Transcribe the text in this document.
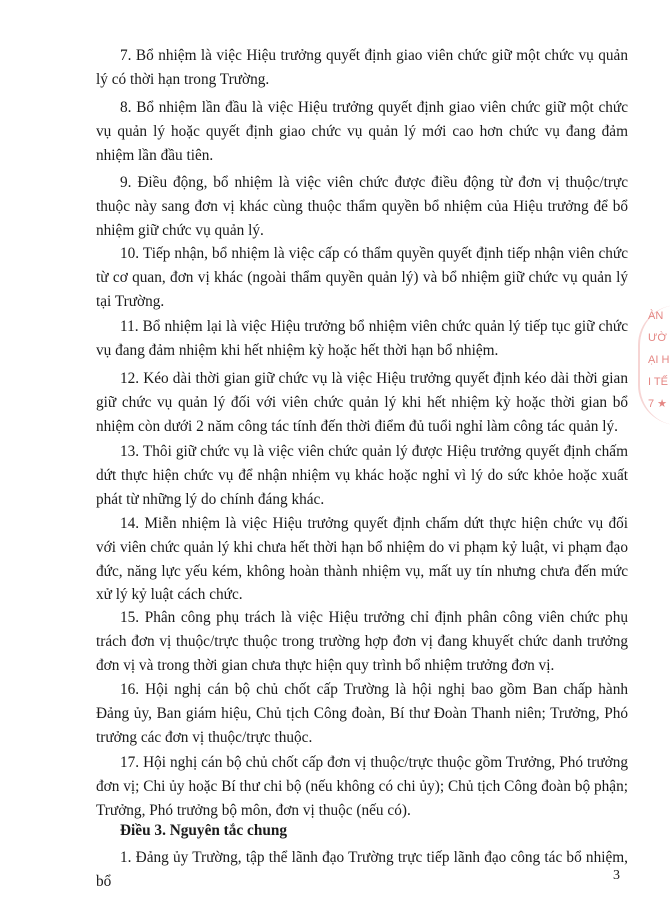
7. Bổ nhiệm là việc Hiệu trưởng quyết định giao viên chức giữ một chức vụ quản lý có thời hạn trong Trường.

8. Bổ nhiệm lần đầu là việc Hiệu trưởng quyết định giao viên chức giữ một chức vụ quản lý hoặc quyết định giao chức vụ quản lý mới cao hơn chức vụ đang đảm nhiệm lần đầu tiên.

9. Điều động, bổ nhiệm là việc viên chức được điều động từ đơn vị thuộc/trực thuộc này sang đơn vị khác cùng thuộc thẩm quyền bổ nhiệm của Hiệu trưởng để bổ nhiệm giữ chức vụ quản lý.

10. Tiếp nhận, bổ nhiệm là việc cấp có thẩm quyền quyết định tiếp nhận viên chức từ cơ quan, đơn vị khác (ngoài thẩm quyền quản lý) và bổ nhiệm giữ chức vụ quản lý tại Trường.

11. Bổ nhiệm lại là việc Hiệu trưởng bổ nhiệm viên chức quản lý tiếp tục giữ chức vụ đang đảm nhiệm khi hết nhiệm kỳ hoặc hết thời hạn bổ nhiệm.

12. Kéo dài thời gian giữ chức vụ là việc Hiệu trưởng quyết định kéo dài thời gian giữ chức vụ quản lý đối với viên chức quản lý khi hết nhiệm kỳ hoặc thời gian bổ nhiệm còn dưới 2 năm công tác tính đến thời điểm đủ tuổi nghỉ làm công tác quản lý.

13. Thôi giữ chức vụ là việc viên chức quản lý được Hiệu trưởng quyết định chấm dứt thực hiện chức vụ để nhận nhiệm vụ khác hoặc nghỉ vì lý do sức khỏe hoặc xuất phát từ những lý do chính đáng khác.

14. Miễn nhiệm là việc Hiệu trưởng quyết định chấm dứt thực hiện chức vụ đối với viên chức quản lý khi chưa hết thời hạn bổ nhiệm do vi phạm kỷ luật, vi phạm đạo đức, năng lực yếu kém, không hoàn thành nhiệm vụ, mất uy tín nhưng chưa đến mức xử lý kỷ luật cách chức.

15. Phân công phụ trách là việc Hiệu trưởng chỉ định phân công viên chức phụ trách đơn vị thuộc/trực thuộc trong trường hợp đơn vị đang khuyết chức danh trưởng đơn vị và trong thời gian chưa thực hiện quy trình bổ nhiệm trưởng đơn vị.

16. Hội nghị cán bộ chủ chốt cấp Trường là hội nghị bao gồm Ban chấp hành Đảng ủy, Ban giám hiệu, Chủ tịch Công đoàn, Bí thư Đoàn Thanh niên; Trưởng, Phó trưởng các đơn vị thuộc/trực thuộc.

17. Hội nghị cán bộ chủ chốt cấp đơn vị thuộc/trực thuộc gồm Trưởng, Phó trưởng đơn vị; Chi ủy hoặc Bí thư chi bộ (nếu không có chi ủy); Chủ tịch Công đoàn bộ phận; Trưởng, Phó trưởng bộ môn, đơn vị thuộc (nếu có).

Điều 3. Nguyên tắc chung

1. Đảng ủy Trường, tập thể lãnh đạo Trường trực tiếp lãnh đạo công tác bổ nhiệm, bổ	3
ÀN
ƯỜ
ẠI H
I TẾ
7 ★
